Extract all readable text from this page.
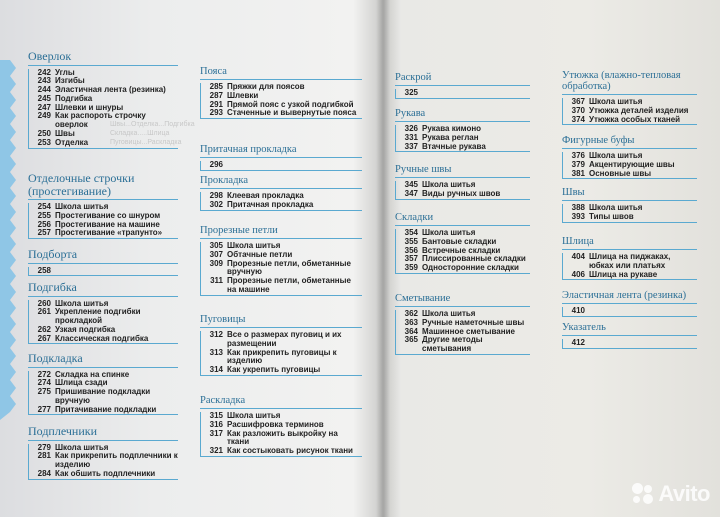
Швы...Отделка...Подгибка
Складка.....Шлица
Пуговицы...Раскладка
Оверлок
242 Углы
243 Изгибы
244 Эластичная лента (резинка)
245 Подгибка
247 Шлевки и шнуры
249 Как распороть строчку оверлок
250 Швы
253 Отделка
Отделочные строчки (простегивание)
254 Школа шитья
255 Простегивание со шнуром
256 Простегивание на машине
257 Простегивание «трапунто»
Подборта
258
Подгибка
260 Школа шитья
261 Укрепление подгибки прокладкой
262 Узкая подгибка
267 Классическая подгибка
Подкладка
272 Складка на спинке
274 Шлица сзади
275 Пришивание подкладки вручную
277 Притачивание подкладки
Подплечники
279 Школа шитья
281 Как прикрепить подплечники к изделию
284 Как обшить подплечники
Пояса
285 Пряжки для поясов
287 Шлевки
291 Прямой пояс с узкой подгибкой
293 Стаченные и вывернутые пояса
Притачная прокладка
296
Прокладка
298 Клеевая прокладка
302 Притачная прокладка
Прорезные петли
305 Школа шитья
307 Обтачные петли
309 Прорезные петли, обметанные вручную
311 Прорезные петли, обметанные на машине
Пуговицы
312 Все о размерах пуговиц и их размещении
313 Как прикрепить пуговицы к изделию
314 Как укрепить пуговицы
Раскладка
315 Школа шитья
316 Расшифровка терминов
317 Как разложить выкройку на ткани
321 Как состыковать рисунок ткани
Раскрой
325
Рукава
326 Рукава кимоно
331 Рукава реглан
337 Втачные рукава
Ручные швы
345 Школа шитья
347 Виды ручных швов
Складки
354 Школа шитья
355 Бантовые складки
356 Встречные складки
357 Плиссированные складки
359 Односторонние складки
Сметывание
362 Школа шитья
363 Ручные наметочные швы
364 Машинное сметывание
365 Другие методы сметывания
Утюжка (влажно-тепловая обработка)
367 Школа шитья
370 Утюжка деталей изделия
374 Утюжка особых тканей
Фигурные буфы
376 Школа шитья
379 Акцентирующие швы
381 Основные швы
Швы
388 Школа шитья
393 Типы швов
Шлица
404 Шлица на пиджаках, юбках или платьях
406 Шлица на рукаве
Эластичная лента (резинка)
410
Указатель
412
Avito
